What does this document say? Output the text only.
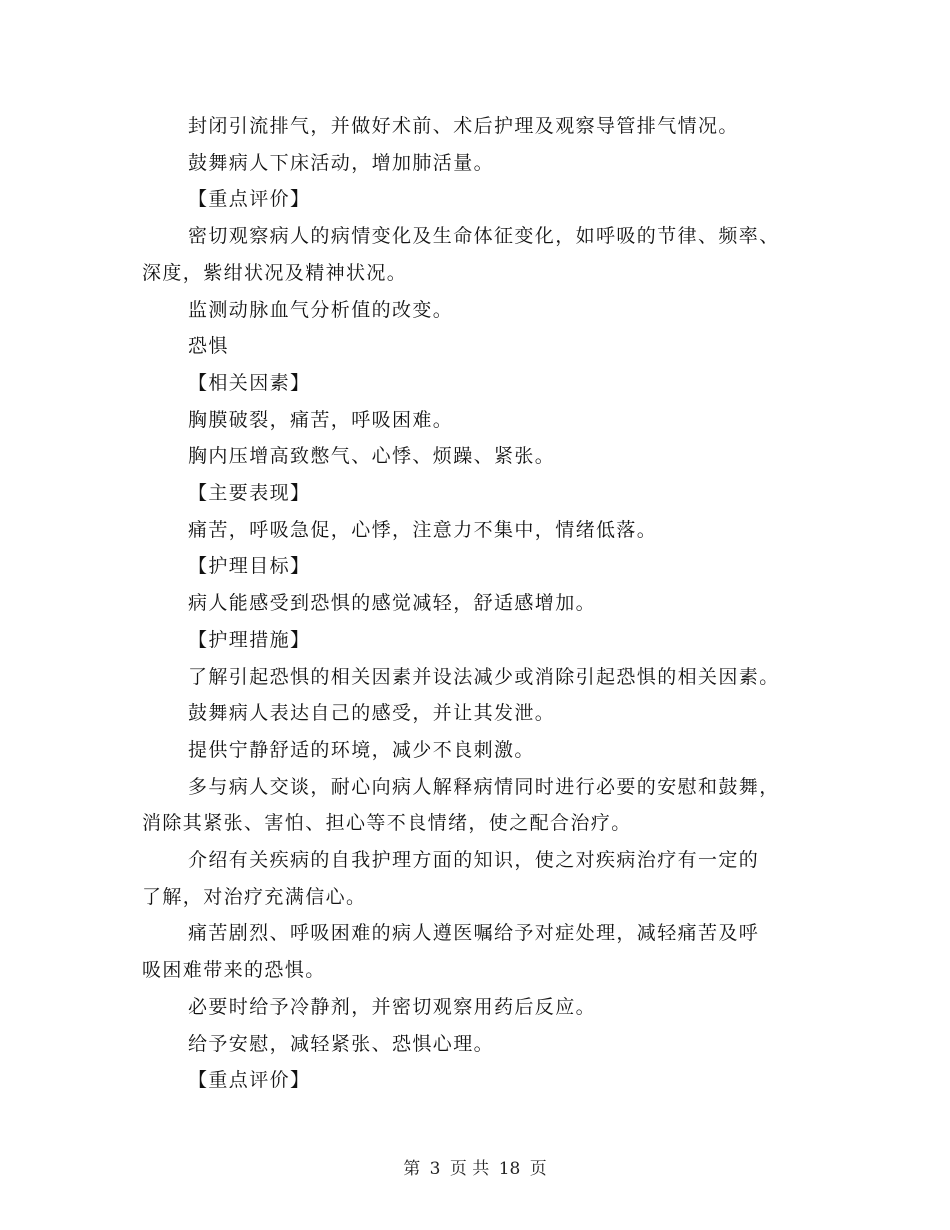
封闭引流排气，并做好术前、术后护理及观察导管排气情况。

鼓舞病人下床活动，增加肺活量。

【重点评价】

密切观察病人的病情变化及生命体征变化，如呼吸的节律、频率、

深度，紫绀状况及精神状况。

监测动脉血气分析值的改变。

恐惧

【相关因素】

胸膜破裂，痛苦，呼吸困难。

胸内压增高致憋气、心悸、烦躁、紧张。

【主要表现】

痛苦，呼吸急促，心悸，注意力不集中，情绪低落。

【护理目标】

病人能感受到恐惧的感觉减轻，舒适感增加。

【护理措施】

了解引起恐惧的相关因素并设法减少或消除引起恐惧的相关因素。

鼓舞病人表达自己的感受，并让其发泄。

提供宁静舒适的环境，减少不良刺激。

多与病人交谈，耐心向病人解释病情同时进行必要的安慰和鼓舞，

消除其紧张、害怕、担心等不良情绪，使之配合治疗。

介绍有关疾病的自我护理方面的知识，使之对疾病治疗有一定的

了解，对治疗充满信心。

痛苦剧烈、呼吸困难的病人遵医嘱给予对症处理，减轻痛苦及呼

吸困难带来的恐惧。

必要时给予冷静剂，并密切观察用药后反应。

给予安慰，减轻紧张、恐惧心理。

【重点评价】

第 3 页 共 18 页
